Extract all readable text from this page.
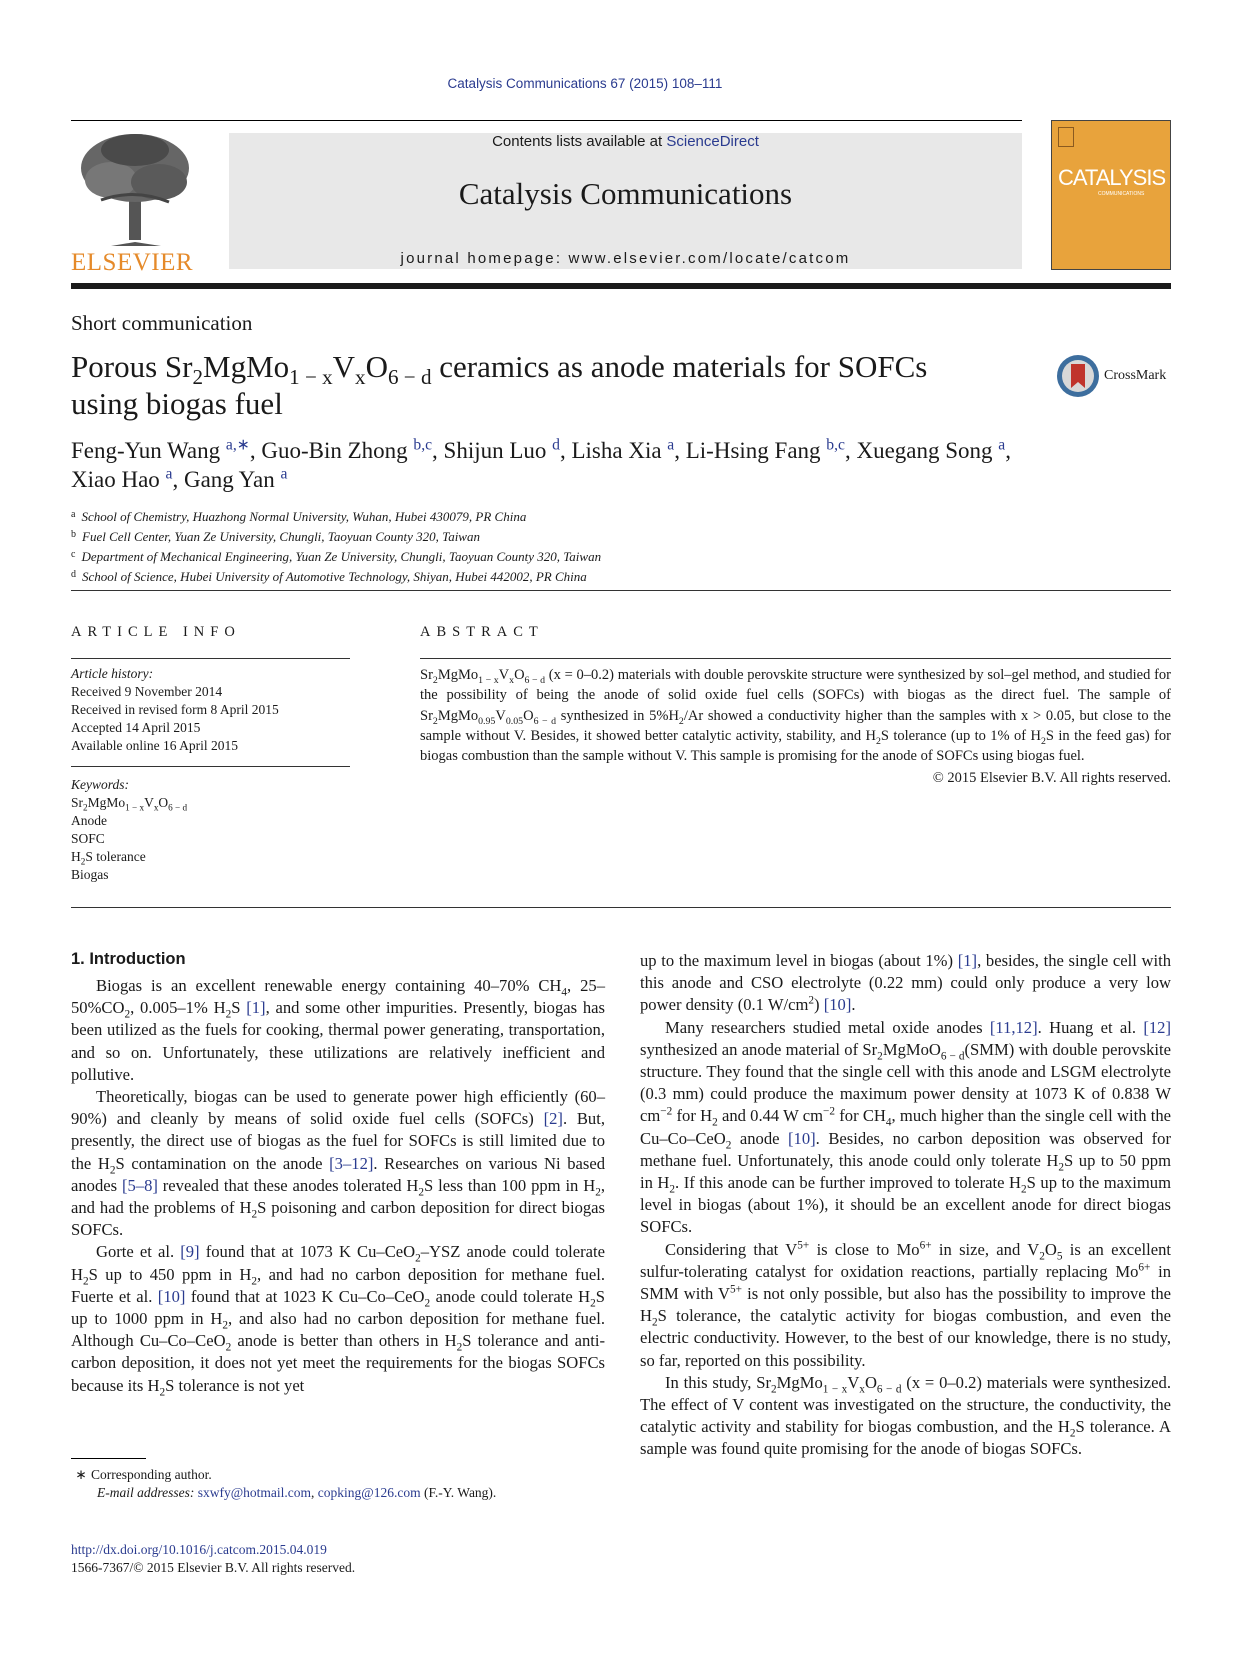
Catalysis Communications 67 (2015) 108–111
ELSEVIER
Contents lists available at ScienceDirect
Catalysis Communications
journal homepage: www.elsevier.com/locate/catcom
CATALYSIS
COMMUNICATIONS
Short communication
Porous $Sr_2MgMo_{1 - x}V_xO_{6 - d}$ ceramics as anode materials for SOFCs
using biogas fuel
CrossMark
Feng-Yun Wang $^{a,∗}$, Guo-Bin Zhong $^{b,c}$, Shijun Luo $^d$, Lisha Xia $^a$, Li-Hsing Fang $^{b,c}$, Xuegang Song $^a$,
Xiao Hao $^a$, Gang Yan $^a$
$^a$ School of Chemistry, Huazhong Normal University, Wuhan, Hubei 430079, PR China
$^b$ Fuel Cell Center, Yuan Ze University, Chungli, Taoyuan County 320, Taiwan
$^c$ Department of Mechanical Engineering, Yuan Ze University, Chungli, Taoyuan County 320, Taiwan
$^d$ School of Science, Hubei University of Automotive Technology, Shiyan, Hubei 442002, PR China
ARTICLE INFO
Article history:
Received 9 November 2014
Received in revised form 8 April 2015
Accepted 14 April 2015
Available online 16 April 2015
Keywords:
$Sr_2MgMo_{1 - x}V_xO_{6 - d}$
Anode
SOFC
$H_2S$ tolerance
Biogas
ABSTRACT
$Sr_2MgMo_{1 - x}V_xO_{6 - d}$ (x = 0–0.2) materials with double perovskite structure were synthesized by sol–gel method, and studied for the possibility of being the anode of solid oxide fuel cells (SOFCs) with biogas as the direct fuel. The sample of $Sr_2MgMo_{0.95}V_{0.05}O_{6 - d}$ synthesized in $5\%H_2/Ar$ showed a conductivity higher than the samples with x > 0.05, but close to the sample without V. Besides, it showed better catalytic activity, stability, and $H_2S$ tolerance (up to 1% of $H_2S$ in the feed gas) for biogas combustion than the sample without V. This sample is promising for the anode of SOFCs using biogas fuel.
© 2015 Elsevier B.V. All rights reserved.
1. Introduction

Biogas is an excellent renewable energy containing 40–70% $CH_4$, $25-50\%CO_2$, 0.005–1% $H_2S$ [1], and some other impurities. Presently, biogas has been utilized as the fuels for cooking, thermal power generating, transportation, and so on. Unfortunately, these utilizations are relatively inefficient and pollutive.

Theoretically, biogas can be used to generate power high efficiently (60–90%) and cleanly by means of solid oxide fuel cells (SOFCs) [2]. But, presently, the direct use of biogas as the fuel for SOFCs is still limited due to the $H_2S$ contamination on the anode [3–12]. Researches on various Ni based anodes [5–8] revealed that these anodes tolerated $H_2S$ less than 100 ppm in $H_2$, and had the problems of $H_2S$ poisoning and carbon deposition for direct biogas SOFCs.

Gorte et al. [9] found that at 1073 K Cu–CeO$_2$–YSZ anode could tolerate $H_2S$ up to 450 ppm in $H_2$, and had no carbon deposition for methane fuel. Fuerte et al. [10] found that at 1023 K Cu–Co–CeO$_2$ anode could tolerate $H_2S$ up to 1000 ppm in $H_2$, and also had no carbon deposition for methane fuel. Although Cu–Co–CeO$_2$ anode is better than others in $H_2S$ tolerance and anti-carbon deposition, it does not yet meet the requirements for the biogas SOFCs because its $H_2S$ tolerance is not yet

up to the maximum level in biogas (about 1%) [1], besides, the single cell with this anode and CSO electrolyte (0.22 mm) could only produce a very low power density (0.1 $W/cm^2$) [10].

Many researchers studied metal oxide anodes [11,12]. Huang et al. [12] synthesized an anode material of $Sr_2MgMoO_{6 - d}(SMM)$ with double perovskite structure. They found that the single cell with this anode and LSGM electrolyte (0.3 mm) could produce the maximum power density at 1073 K of 0.838 W $cm^{-2}$ for $H_2$ and 0.44 W $cm^{-2}$ for $CH_4$, much higher than the single cell with the Cu–Co–CeO$_2$ anode [10]. Besides, no carbon deposition was observed for methane fuel. Unfortunately, this anode could only tolerate $H_2S$ up to 50 ppm in $H_2$. If this anode can be further improved to tolerate $H_2S$ up to the maximum level in biogas (about 1%), it should be an excellent anode for direct biogas SOFCs.

Considering that $V^{5+}$ is close to $Mo^{6+}$ in size, and $V_2O_5$ is an excellent sulfur-tolerating catalyst for oxidation reactions, partially replacing $Mo^{6+}$ in SMM with $V^{5+}$ is not only possible, but also has the possibility to improve the $H_2S$ tolerance, the catalytic activity for biogas combustion, and even the electric conductivity. However, to the best of our knowledge, there is no study, so far, reported on this possibility.

In this study, $Sr_2MgMo_{1 - x}V_xO_{6 - d}$ (x = 0–0.2) materials were synthesized. The effect of V content was investigated on the structure, the conductivity, the catalytic activity and stability for biogas combustion, and the $H_2S$ tolerance. A sample was found quite promising for the anode of biogas SOFCs.

∗ Corresponding author.
E-mail addresses: sxwfy@hotmail.com, copking@126.com (F.-Y. Wang).
http://dx.doi.org/10.1016/j.catcom.2015.04.019
1566-7367/© 2015 Elsevier B.V. All rights reserved.
